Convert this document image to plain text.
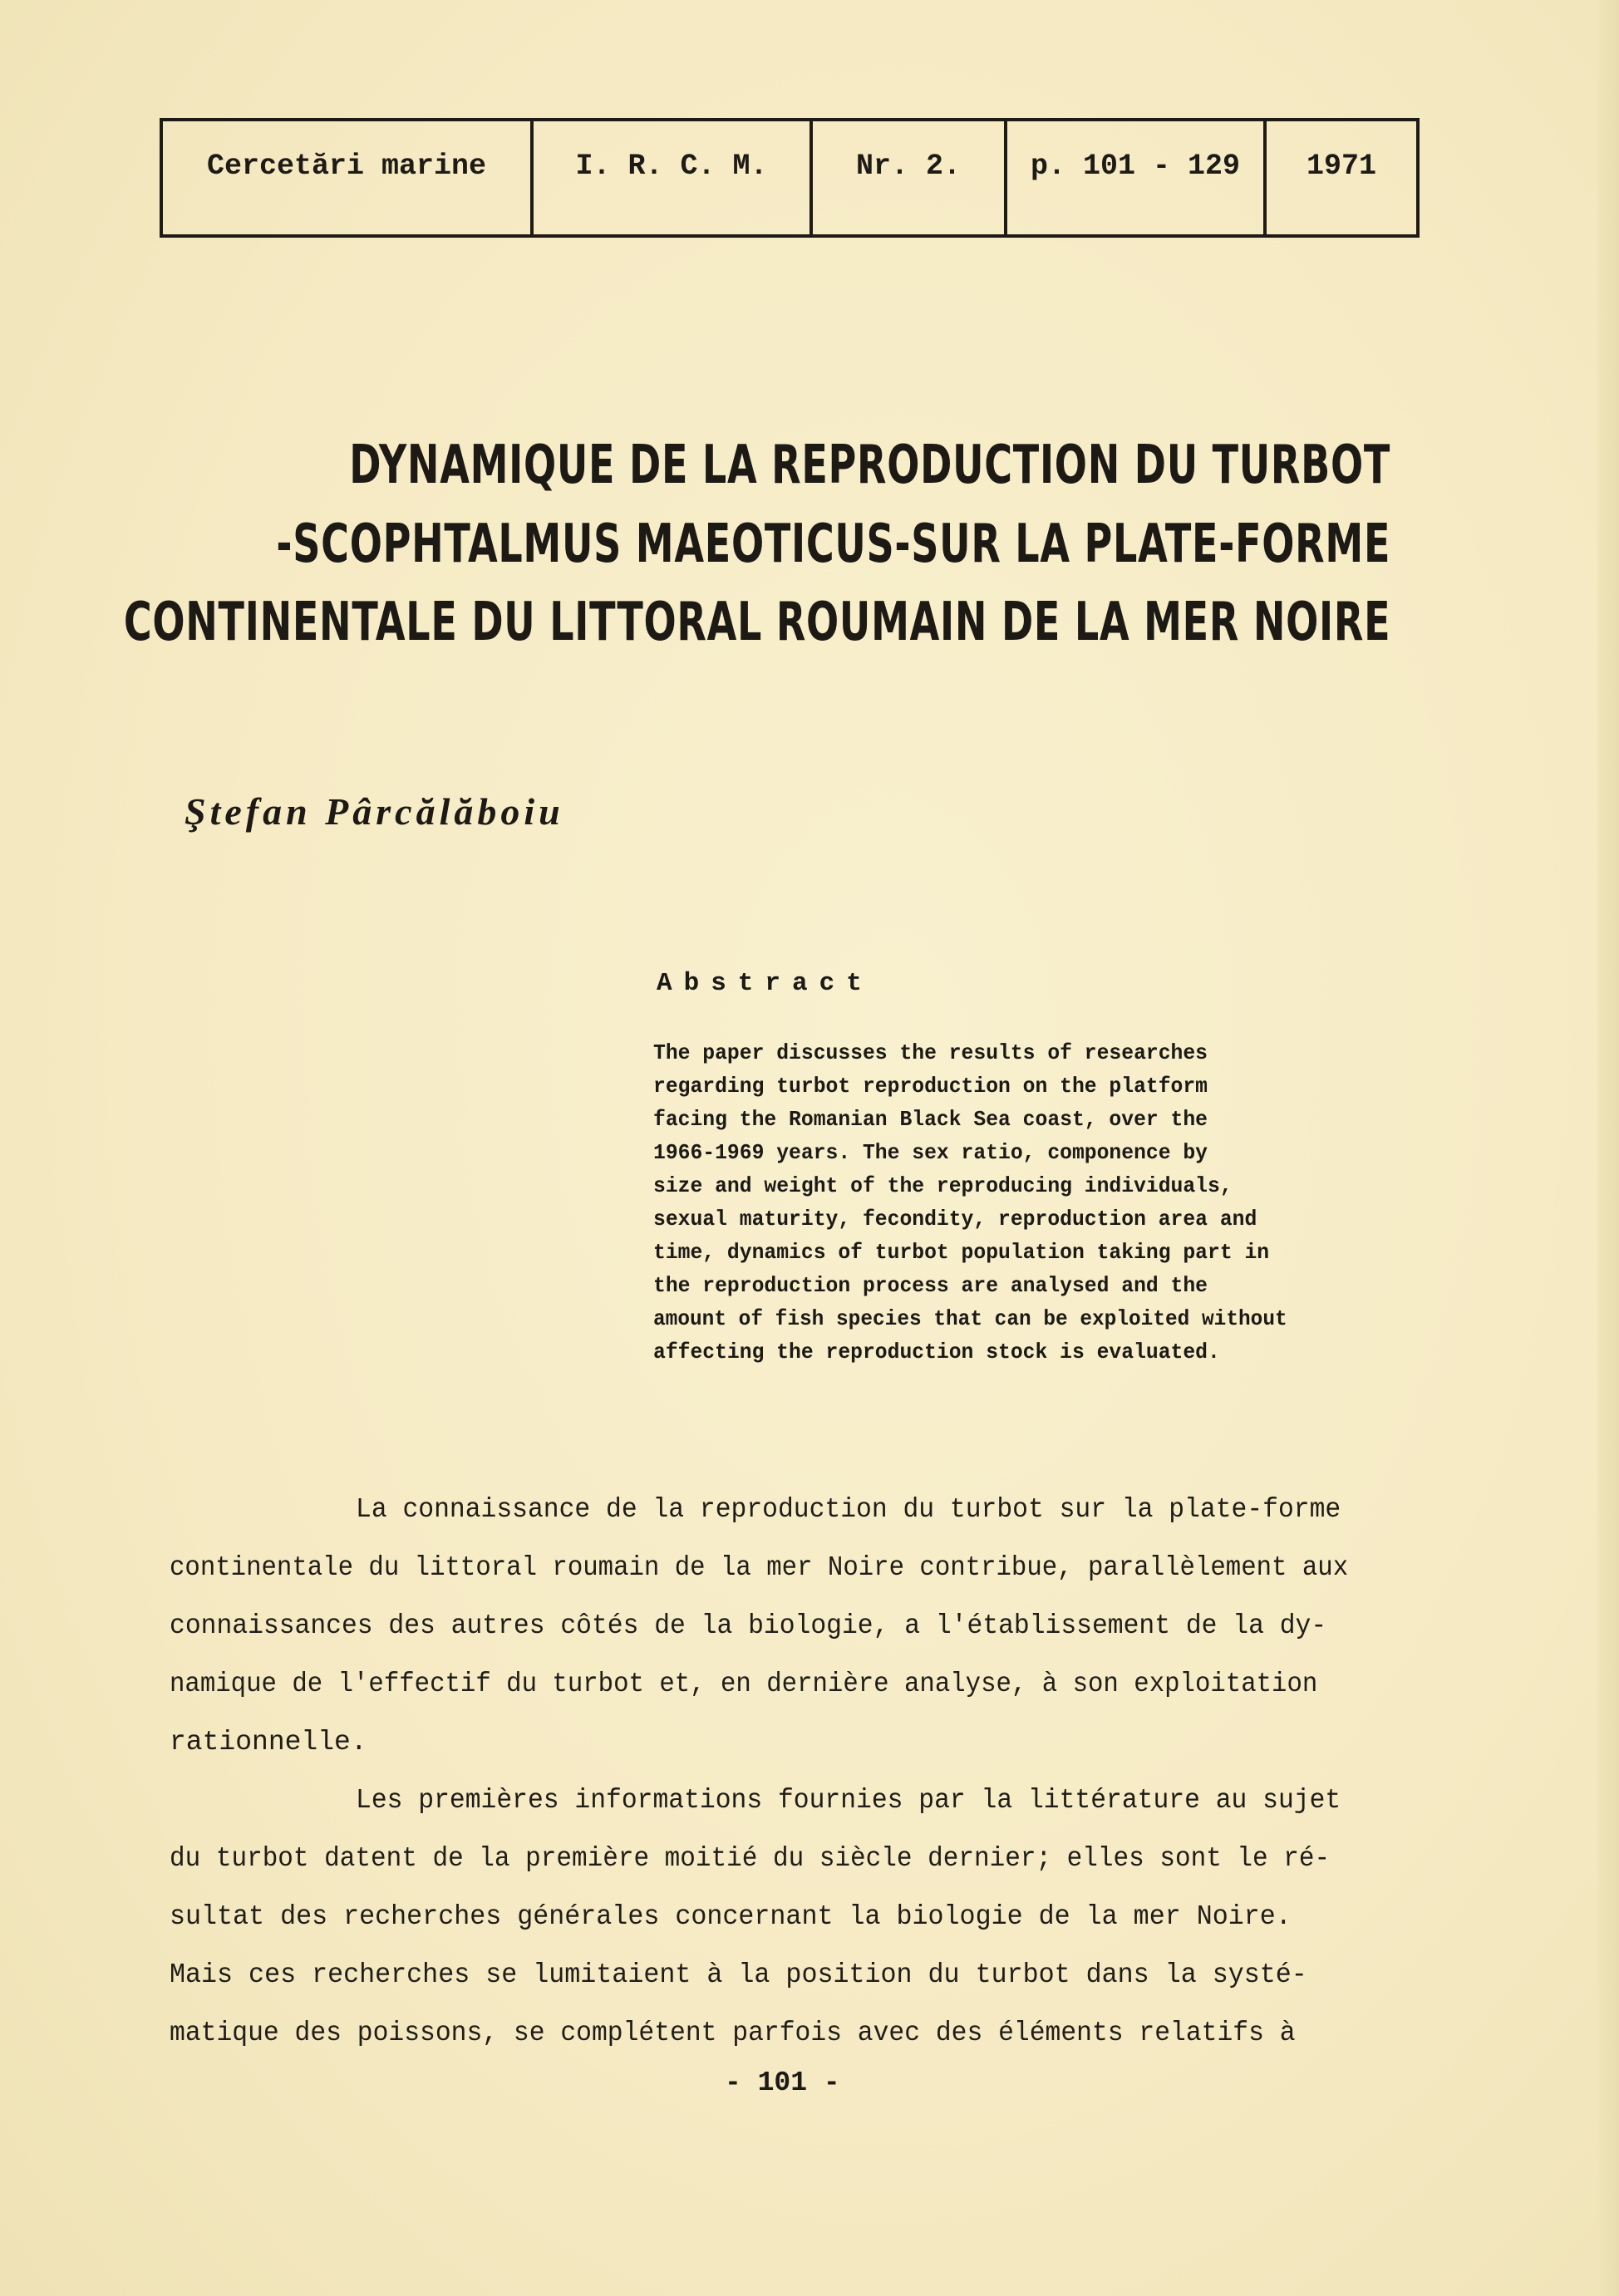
Cercetări marine	I. R. C. M.	Nr. 2.	p. 101 - 129	1971
DYNAMIQUE DE LA REPRODUCTION DU TURBOT
-SCOPHTALMUS MAEOTICUS-SUR LA PLATE-FORME
CONTINENTALE DU LITTORAL ROUMAIN DE LA MER NOIRE
Ştefan Pârcălăboiu
Abstract
The paper discusses the results of researches
regarding turbot reproduction on the platform
facing the Romanian Black Sea coast, over the
1966-1969 years. The sex ratio, componence by
size and weight of the reproducing individuals,
sexual maturity, fecondity, reproduction area and
time, dynamics of turbot population taking part in
the reproduction process are analysed and the
amount of fish species that can be exploited without
affecting the reproduction stock is evaluated.
La connaissance de la reproduction du turbot sur la plate-forme
continentale du littoral roumain de la mer Noire contribue, parallèlement aux
connaissances des autres côtés de la biologie, a l'établissement de la dy-
namique de l'effectif du turbot et, en dernière analyse, à son exploitation
rationnelle.
Les premières informations fournies par la littérature au sujet
du turbot datent de la première moitié du siècle dernier; elles sont le ré-
sultat des recherches générales concernant la biologie de la mer Noire.
Mais ces recherches se lumitaient à la position du turbot dans la systé-
matique des poissons, se complétent parfois avec des éléments relatifs à
- 101 -
